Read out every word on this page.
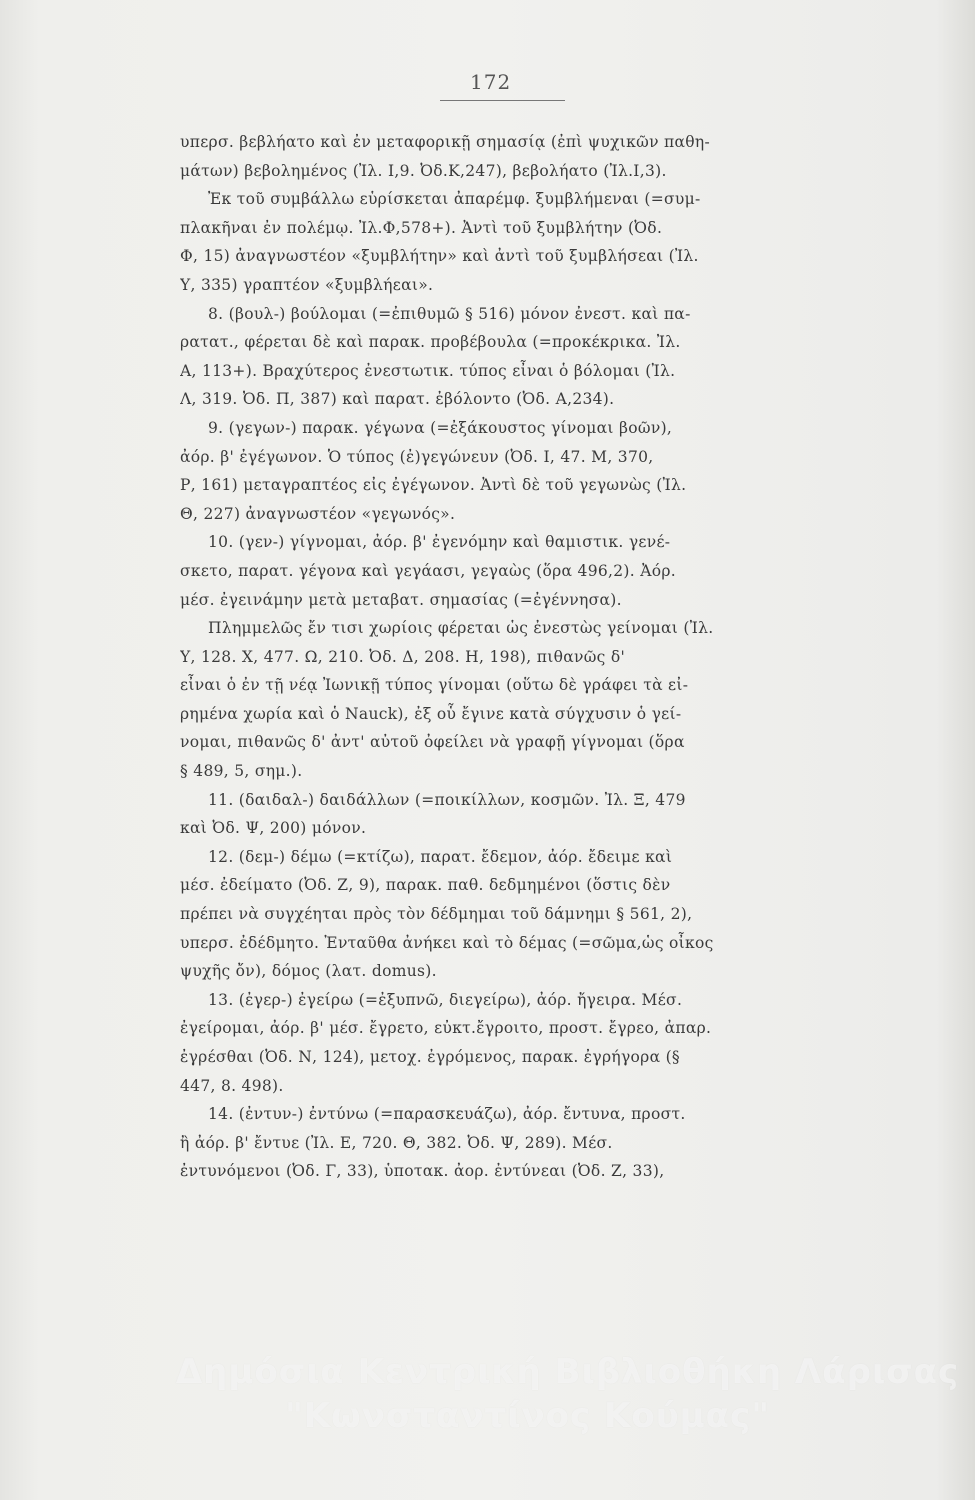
172
υπερσ. βεβλήατο καὶ ἐν μεταφορικῇ σημασίᾳ (ἐπὶ ψυχικῶν παθη-
μάτων) βεβολημένος (Ἰλ. Ι,9. Ὀδ.Κ,247), βεβολήατο (Ἰλ.Ι,3).
Ἐκ τοῦ συμβάλλω εὑρίσκεται ἀπαρέμφ. ξυμβλήμεναι (=συμ-
πλακῆναι ἐν πολέμῳ. Ἰλ.Φ,578+). Ἀντὶ τοῦ ξυμβλήτην (Ὀδ.
Φ, 15) ἀναγνωστέον «ξυμβλήτην» καὶ ἀντὶ τοῦ ξυμβλήσεαι (Ἰλ.
Υ, 335) γραπτέον «ξυμβλήεαι».
8. (βουλ-) βούλομαι (=ἐπιθυμῶ § 516) μόνον ἐνεστ. καὶ πα-
ρατατ., φέρεται δὲ καὶ παρακ. προβέβουλα (=προκέκρικα. Ἰλ.
Α, 113+). Βραχύτερος ἐνεστωτικ. τύπος εἶναι ὁ βόλομαι (Ἰλ.
Λ, 319. Ὀδ. Π, 387) καὶ παρατ. ἐβόλοντο (Ὀδ. Α,234).
9. (γεγων-) παρακ. γέγωνα (=ἐξάκουστος γίνομαι βοῶν),
ἀόρ. β' ἐγέγωνον. Ὁ τύπος (ἐ)γεγώνευν (Ὀδ. Ι, 47. Μ, 370,
Ρ, 161) μεταγραπτέος εἰς ἐγέγωνον. Ἀντὶ δὲ τοῦ γεγωνὼς (Ἰλ.
Θ, 227) ἀναγνωστέον «γεγωνός».
10. (γεν-) γίγνομαι, ἀόρ. β' ἐγενόμην καὶ θαμιστικ. γενέ-
σκετο, παρατ. γέγονα καὶ γεγάασι, γεγαὼς (ὅρα 496,2). Ἀόρ.
μέσ. ἐγεινάμην μετὰ μεταβατ. σημασίας (=ἐγέννησα).
Πλημμελῶς ἔν τισι χωρίοις φέρεται ὡς ἐνεστὼς γείνομαι (Ἰλ.
Υ, 128. Χ, 477. Ω, 210. Ὀδ. Δ, 208. Η, 198), πιθανῶς δ'
εἶναι ὁ ἐν τῇ νέᾳ Ἰωνικῇ τύπος γίνομαι (οὕτω δὲ γράφει τὰ εἰ-
ρημένα χωρία καὶ ὁ Nauck), ἐξ οὗ ἔγινε κατὰ σύγχυσιν ὁ γεί-
νομαι, πιθανῶς δ' ἀντ' αὐτοῦ ὀφείλει νὰ γραφῇ γίγνομαι (ὅρα
§ 489, 5, σημ.).
11. (δαιδαλ-) δαιδάλλων (=ποικίλλων, κοσμῶν. Ἰλ. Ξ, 479
καὶ Ὀδ. Ψ, 200) μόνον.
12. (δεμ-) δέμω (=κτίζω), παρατ. ἔδεμον, ἀόρ. ἔδειμε καὶ
μέσ. ἐδείματο (Ὀδ. Ζ, 9), παρακ. παθ. δεδμημένοι (ὅστις δὲν
πρέπει νὰ συγχέηται πρὸς τὸν δέδμημαι τοῦ δάμνημι § 561, 2),
υπερσ. ἐδέδμητο. Ἐνταῦθα ἀνήκει καὶ τὸ δέμας (=σῶμα,ὡς οἶκος
ψυχῆς ὄν), δόμος (λατ. domus).
13. (ἐγερ-) ἐγείρω (=ἐξυπνῶ, διεγείρω), ἀόρ. ἤγειρα. Μέσ.
ἐγείρομαι, ἀόρ. β' μέσ. ἔγρετο, εὐκτ.ἔγροιτο, προστ. ἔγρεο, ἀπαρ.
ἐγρέσθαι (Ὀδ. Ν, 124), μετοχ. ἐγρόμενος, παρακ. ἐγρήγορα (§
447, 8. 498).
14. (ἐντυν-) ἐντύνω (=παρασκευάζω), ἀόρ. ἔντυνα, προστ.
ἢ ἀόρ. β' ἔντυε (Ἰλ. Ε, 720. Θ, 382. Ὀδ. Ψ, 289). Μέσ.
ἐντυνόμενοι (Ὀδ. Γ, 33), ὑποτακ. ἀορ. ἐντύνεαι (Ὀδ. Ζ, 33),
Δημόσια Κεντρική Βιβλιοθήκη Λάρισας
"Κωνσταντίνος Κούμας"
